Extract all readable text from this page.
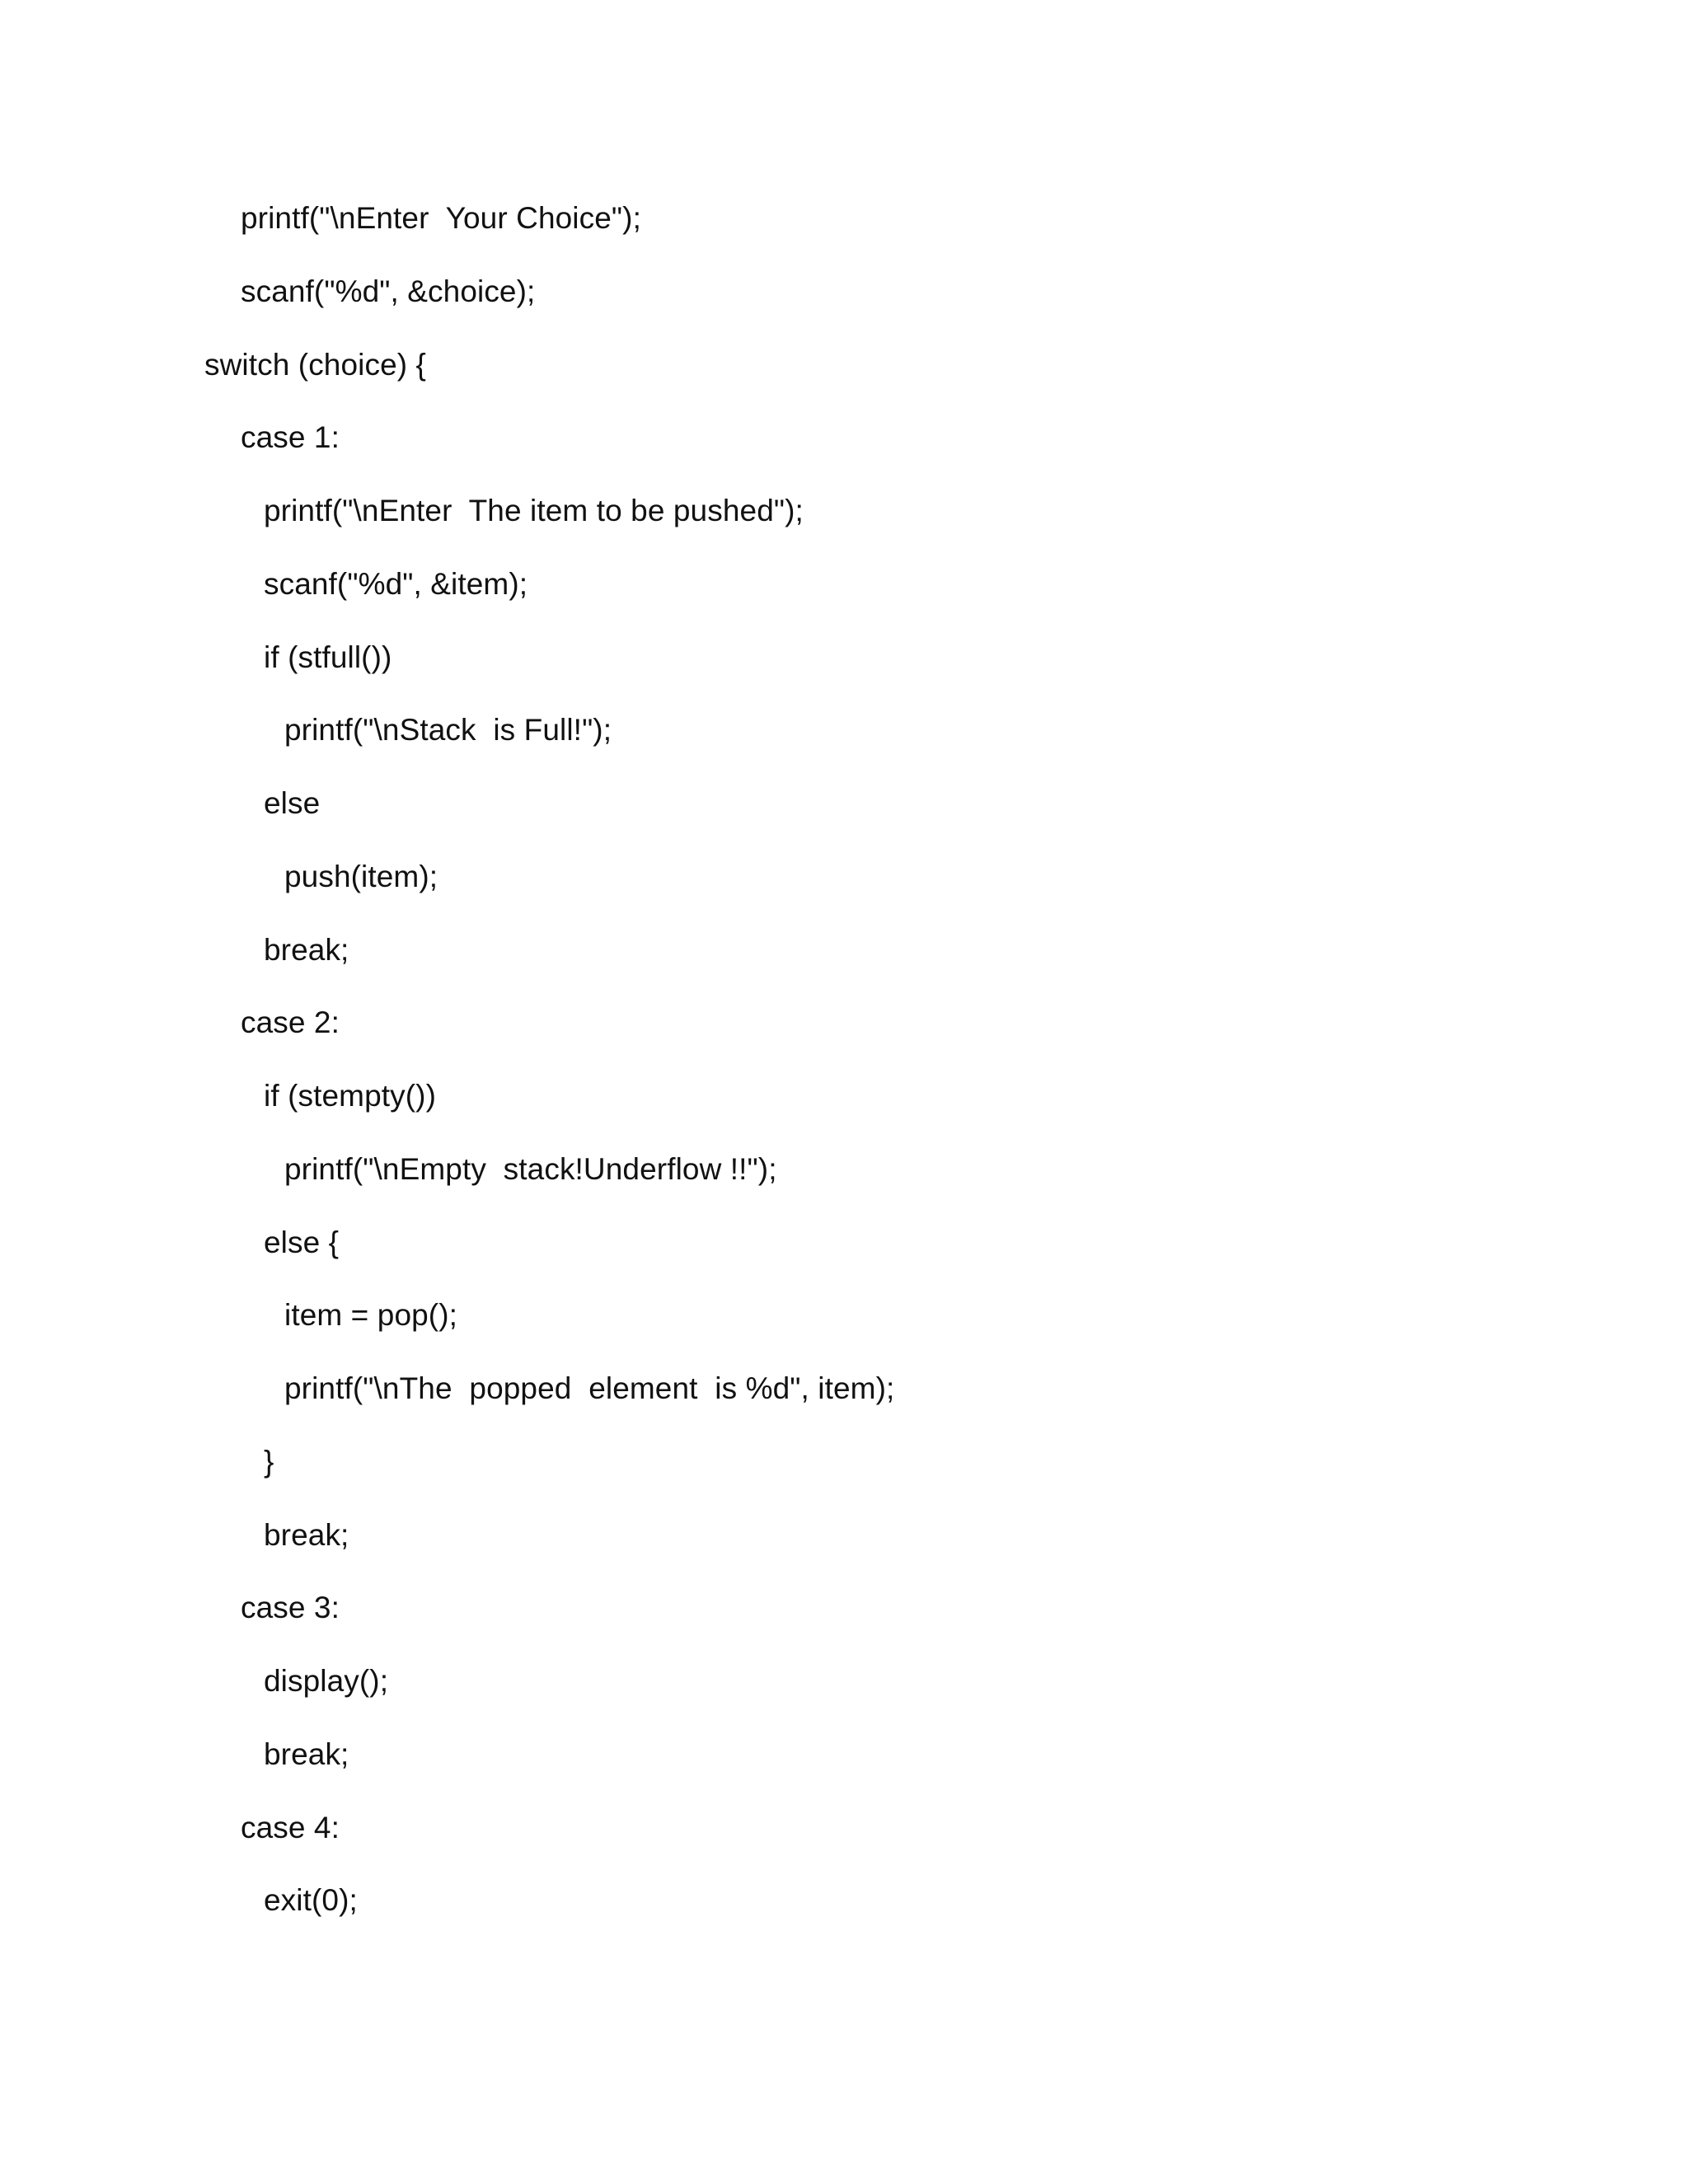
printf("\nEnter  Your Choice");
scanf("%d", &choice);
switch (choice) {
case 1:
printf("\nEnter  The item to be pushed");
scanf("%d", &item);
if (stfull())
printf("\nStack  is Full!");
else
push(item);
break;
case 2:
if (stempty())
printf("\nEmpty  stack!Underflow !!");
else {
item = pop();
printf("\nThe  popped  element  is %d", item);
}
break;
case 3:
display();
break;
case 4:
exit(0);
